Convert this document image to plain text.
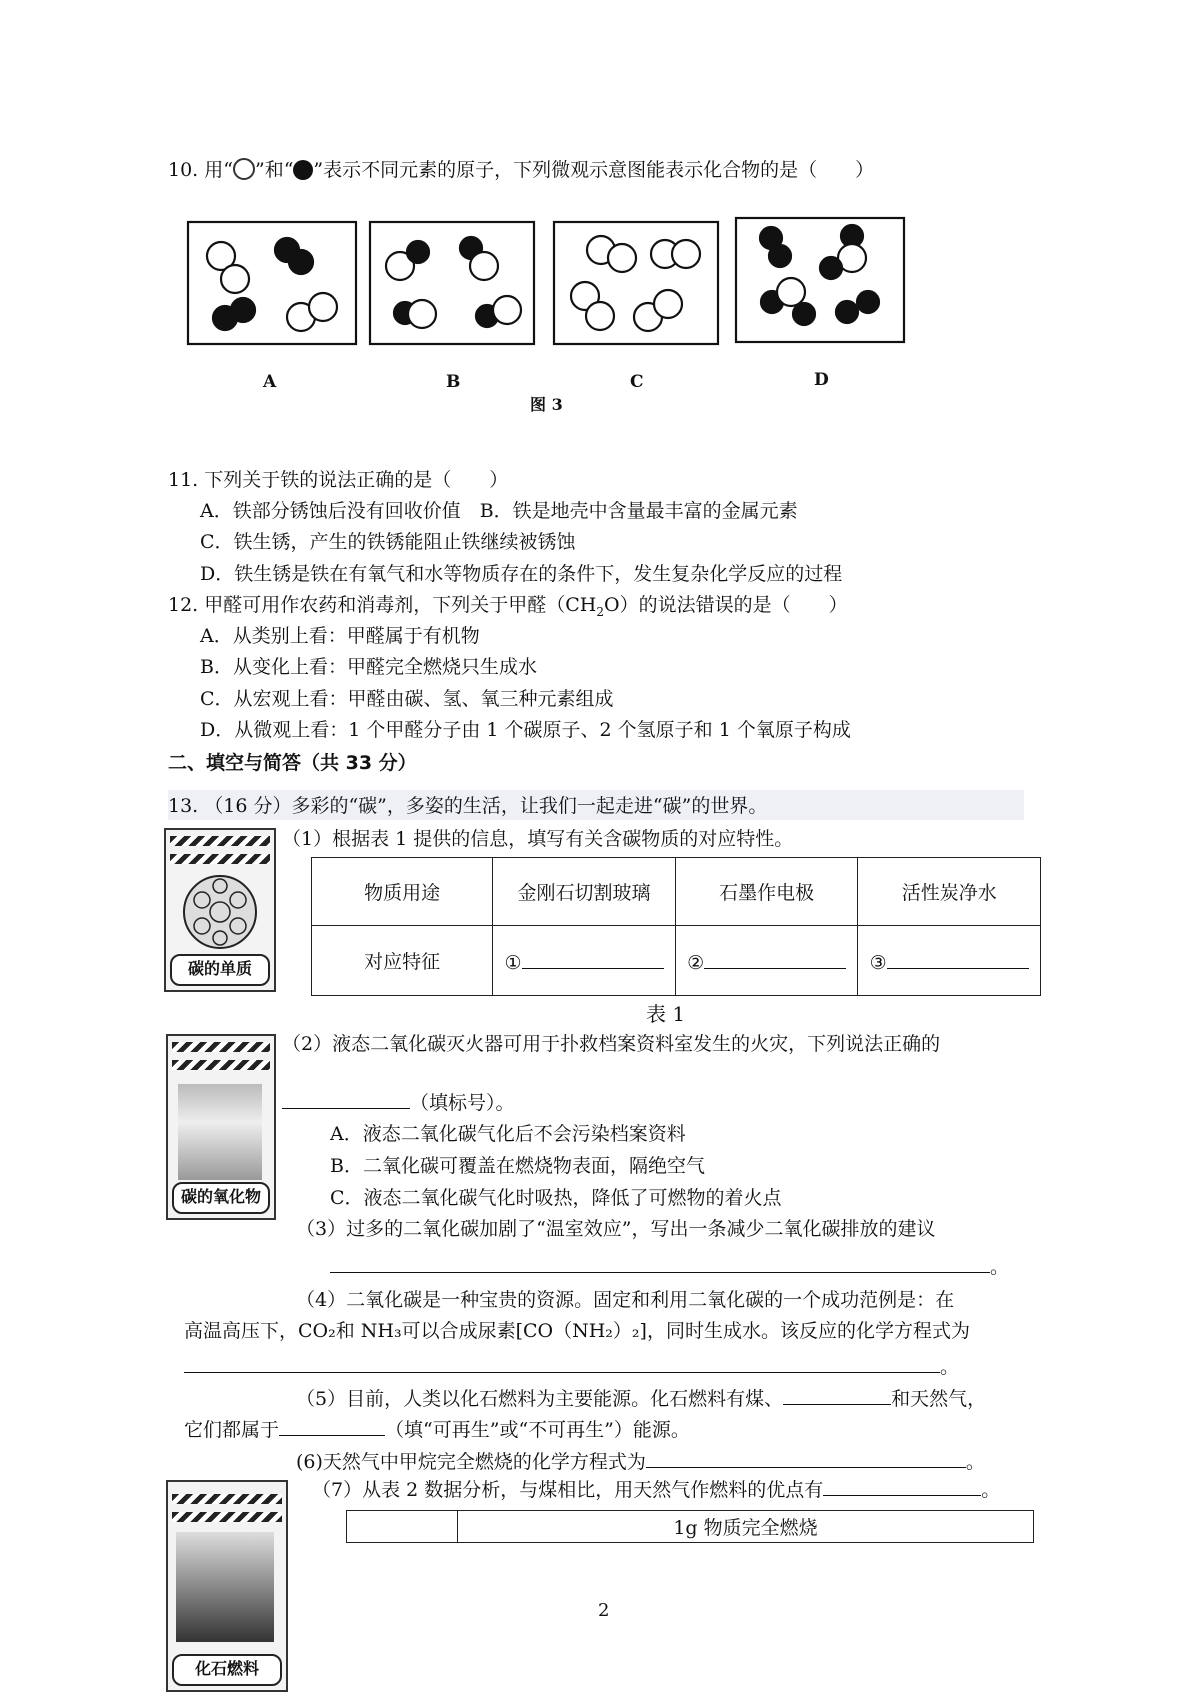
10. 用“ ”和“ ”表示不同元素的原子，下列微观示意图能表示化合物的是（　　）
A	B	C	D
图 3
11. 下列关于铁的说法正确的是（　　）
A．铁部分锈蚀后没有回收价值　B．铁是地壳中含量最丰富的金属元素
C．铁生锈，产生的铁锈能阻止铁继续被锈蚀
D．铁生锈是铁在有氧气和水等物质存在的条件下，发生复杂化学反应的过程
12. 甲醛可用作农药和消毒剂，下列关于甲醛$(CH_2O)$的说法错误的是（　　）
A．从类别上看：甲醛属于有机物
B．从变化上看：甲醛完全燃烧只生成水
C．从宏观上看：甲醛由碳、氢、氧三种元素组成
D．从微观上看：1 个甲醛分子由 1 个碳原子、2 个氢原子和 1 个氧原子构成
二、填空与简答（共 33 分）
13. （16 分）多彩的“碳”，多姿的生活，让我们一起走进“碳”的世界。
碳的单质
（1）根据表 1 提供的信息，填写有关含碳物质的对应特性。
物质用途	金刚石切割玻璃	石墨作电极	活性炭净水
对应特征	①	②	③
表 1
碳的氧化物
（2）液态二氧化碳灭火器可用于扑救档案资料室发生的火灾，下列说法正确的
（填标号）。
A．液态二氧化碳气化后不会污染档案资料
B．二氧化碳可覆盖在燃烧物表面，隔绝空气
C．液态二氧化碳气化时吸热，降低了可燃物的着火点
（3）过多的二氧化碳加剧了“温室效应”，写出一条减少二氧化碳排放的建议
。
（4）二氧化碳是一种宝贵的资源。固定和利用二氧化碳的一个成功范例是：在
高温高压下，CO₂和 NH₃可以合成尿素[CO（NH₂）₂]，同时生成水。该反应的化学方程式为
。
（5）目前，人类以化石燃料为主要能源。化石燃料有煤、	和天然气，
它们都属于	（填“可再生”或“不可再生”）能源。
(6)天然气中甲烷完全燃烧的化学方程式为	。
化石燃料
（7）从表 2 数据分析，与煤相比，用天然气作燃料的优点有	。
	1g 物质完全燃烧
2
